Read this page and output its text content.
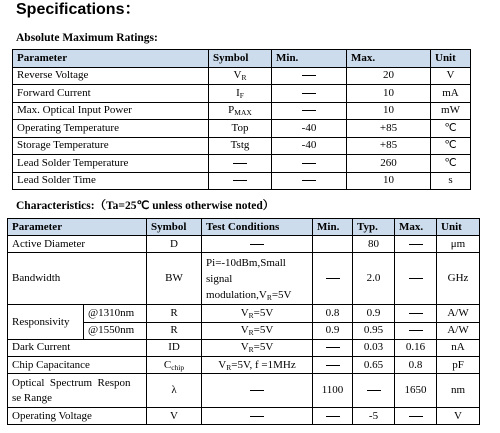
Specifications：
Absolute Maximum Ratings:
Parameter	Symbol	Min.	Max.	Unit
Reverse Voltage	$V_R$		20	V
Forward Current	$I_F$		10	mA
Max. Optical Input Power	$P_{MAX}$		10	mW
Operating Temperature	Top	-40	+85	℃
Storage Temperature	Tstg	-40	+85	℃
Lead Solder Temperature			260	℃
Lead Solder Time			10	s
Characteristics:（Ta=25℃ unless otherwise noted）
Parameter		Symbol	Test Conditions	Min.	Typ.	Max.	Unit
Active Diameter		D			80		μm
Bandwidth		BW	Pi=-10dBm,Small signal $modulation,V_R=5V$		2.0		GHz
Responsivity	@1310nm	R	$V_R=5V$	0.8	0.9		A/W
	@1550nm	R	$V_R=5V$	0.9	0.95		A/W
Dark Current		ID	$V_R=5V$		0.03	0.16	nA
Chip Capacitance		$C_{chip}$	$V_R=5V$, f =1MHz		0.65	0.8	pF

Optical  Spectrum  Respon
se Range		λ		1100		1650	nm
Operating Voltage		V			-5		V
